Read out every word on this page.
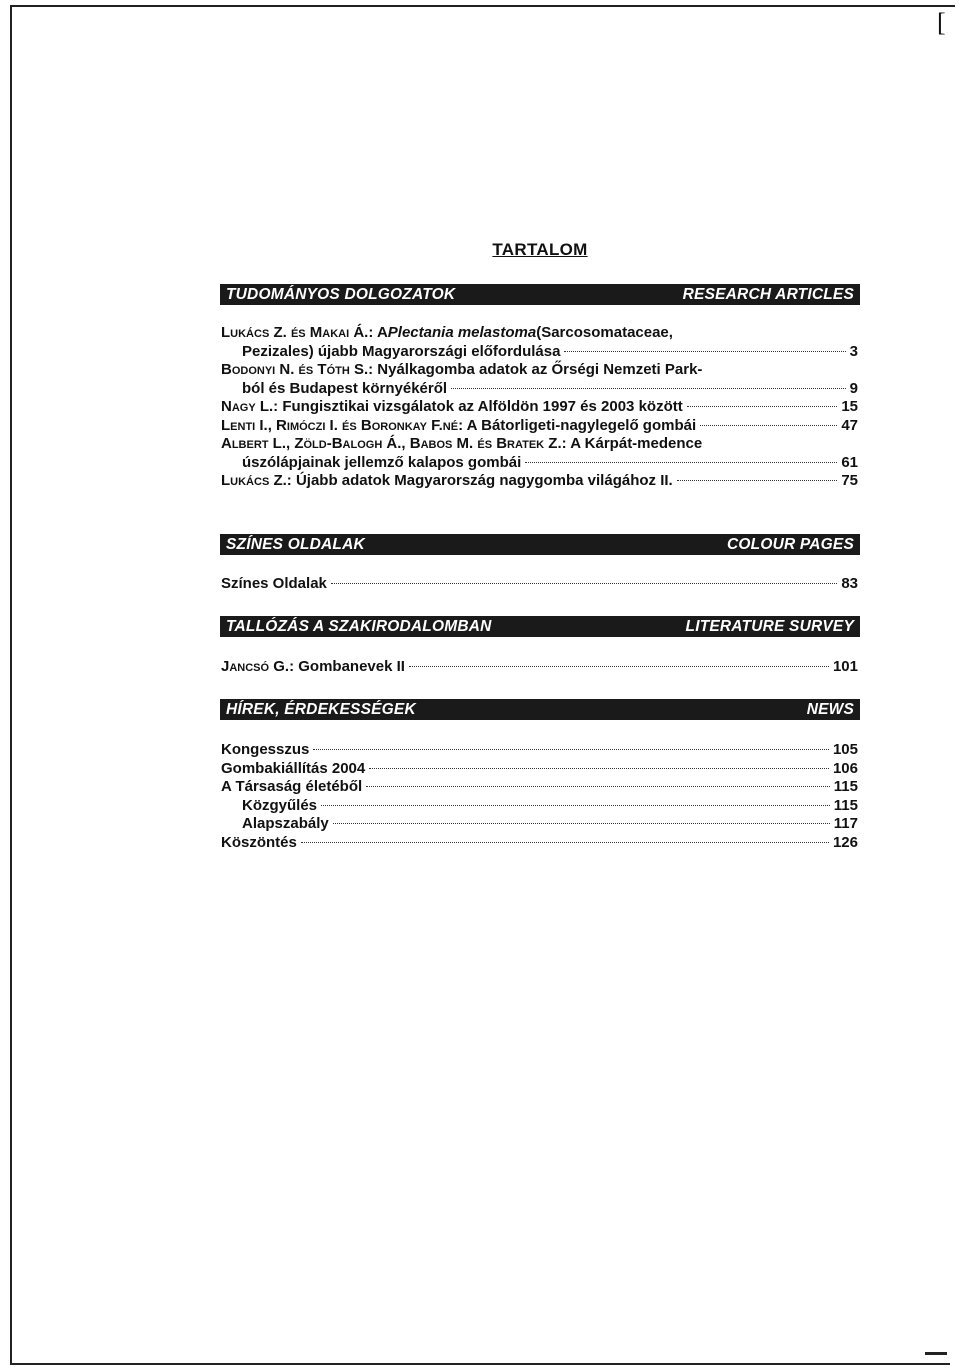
[
TARTALOM
TUDOMÁNYOS DOLGOZATOK	RESEARCH ARTICLES
Lukács Z. és Makai Á. : A Plectania melastoma (Sarcosomataceae,
Pezizales) újabb Magyarországi előfordulása	3
Bodonyi N. és Tóth S. : Nyálkagomba adatok az Őrségi Nemzeti Park-
ból és Budapest környékéről	9
Nagy L. : Fungisztikai vizsgálatok az Alföldön 1997 és 2003 között	15
Lenti I., Rimóczi I. és Boronkay F.né : A Bátorligeti-nagylegelő gombái	47
Albert L., Zöld-Balogh Á., Babos M. és Bratek Z. : A Kárpát-medence
úszólápjainak jellemző kalapos gombái	61
Lukács Z. : Újabb adatok Magyarország nagygomba világához II.	75
SZÍNES OLDALAK	COLOUR PAGES
Színes Oldalak	83
TALLÓZÁS A SZAKIRODALOMBAN	LITERATURE SURVEY
Jancsó G. : Gombanevek II	101
HÍREK, ÉRDEKESSÉGEK	NEWS
Kongesszus	105
Gombakiállítás 2004	106
A Társaság életéből	115
Közgyűlés	115
Alapszabály	117
Köszöntés	126
